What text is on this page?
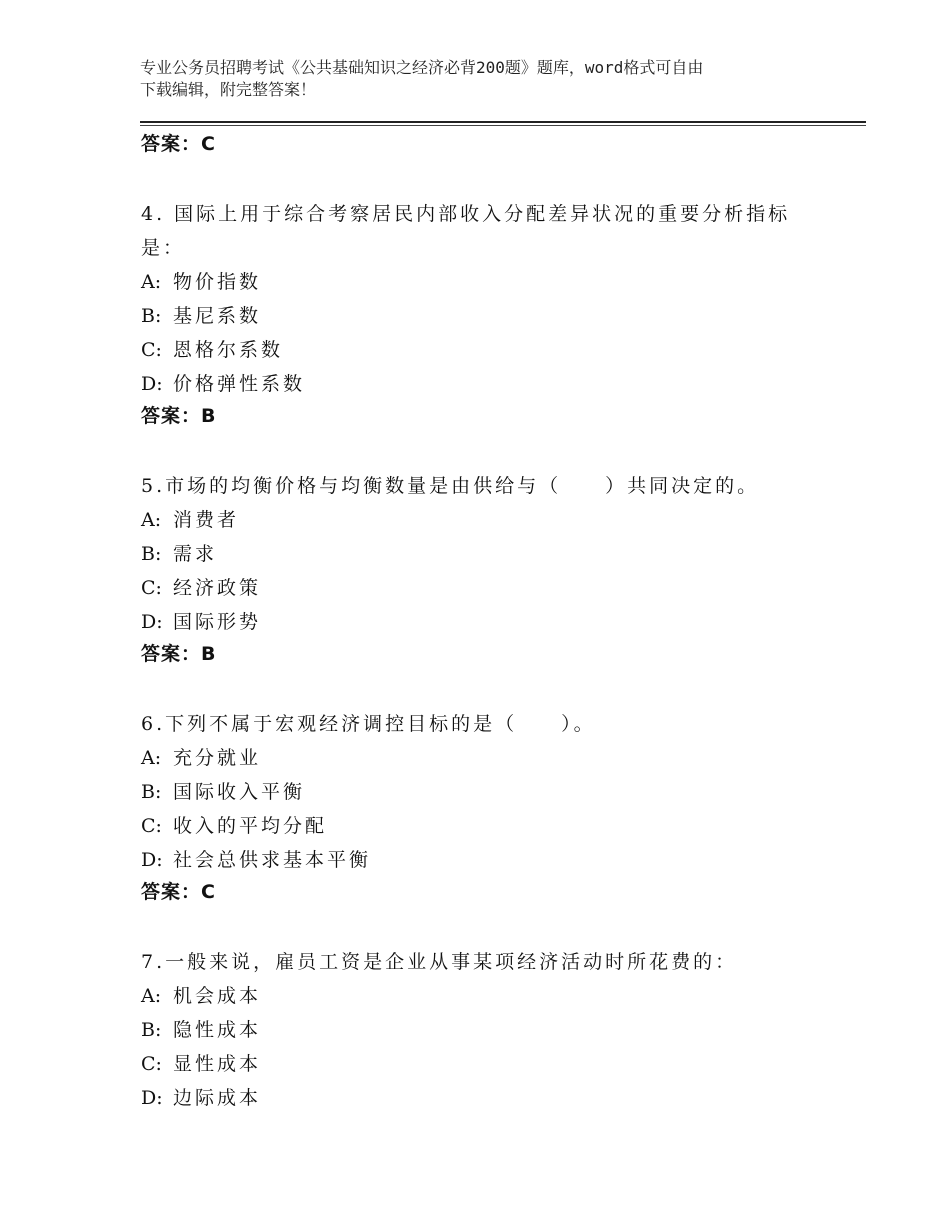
专业公务员招聘考试《公共基础知识之经济必背200题》题库，word格式可自由
下载编辑，附完整答案！
答案：C
4. 国际上用于综合考察居民内部收入分配差异状况的重要分析指标
是：
A: 物价指数
B: 基尼系数
C: 恩格尔系数
D: 价格弹性系数
答案：B
5.市场的均衡价格与均衡数量是由供给与（　　）共同决定的。
A: 消费者
B: 需求
C: 经济政策
D: 国际形势
答案：B
6.下列不属于宏观经济调控目标的是（　　）。
A: 充分就业
B: 国际收入平衡
C: 收入的平均分配
D: 社会总供求基本平衡
答案：C
7.一般来说，雇员工资是企业从事某项经济活动时所花费的：
A: 机会成本
B: 隐性成本
C: 显性成本
D: 边际成本
